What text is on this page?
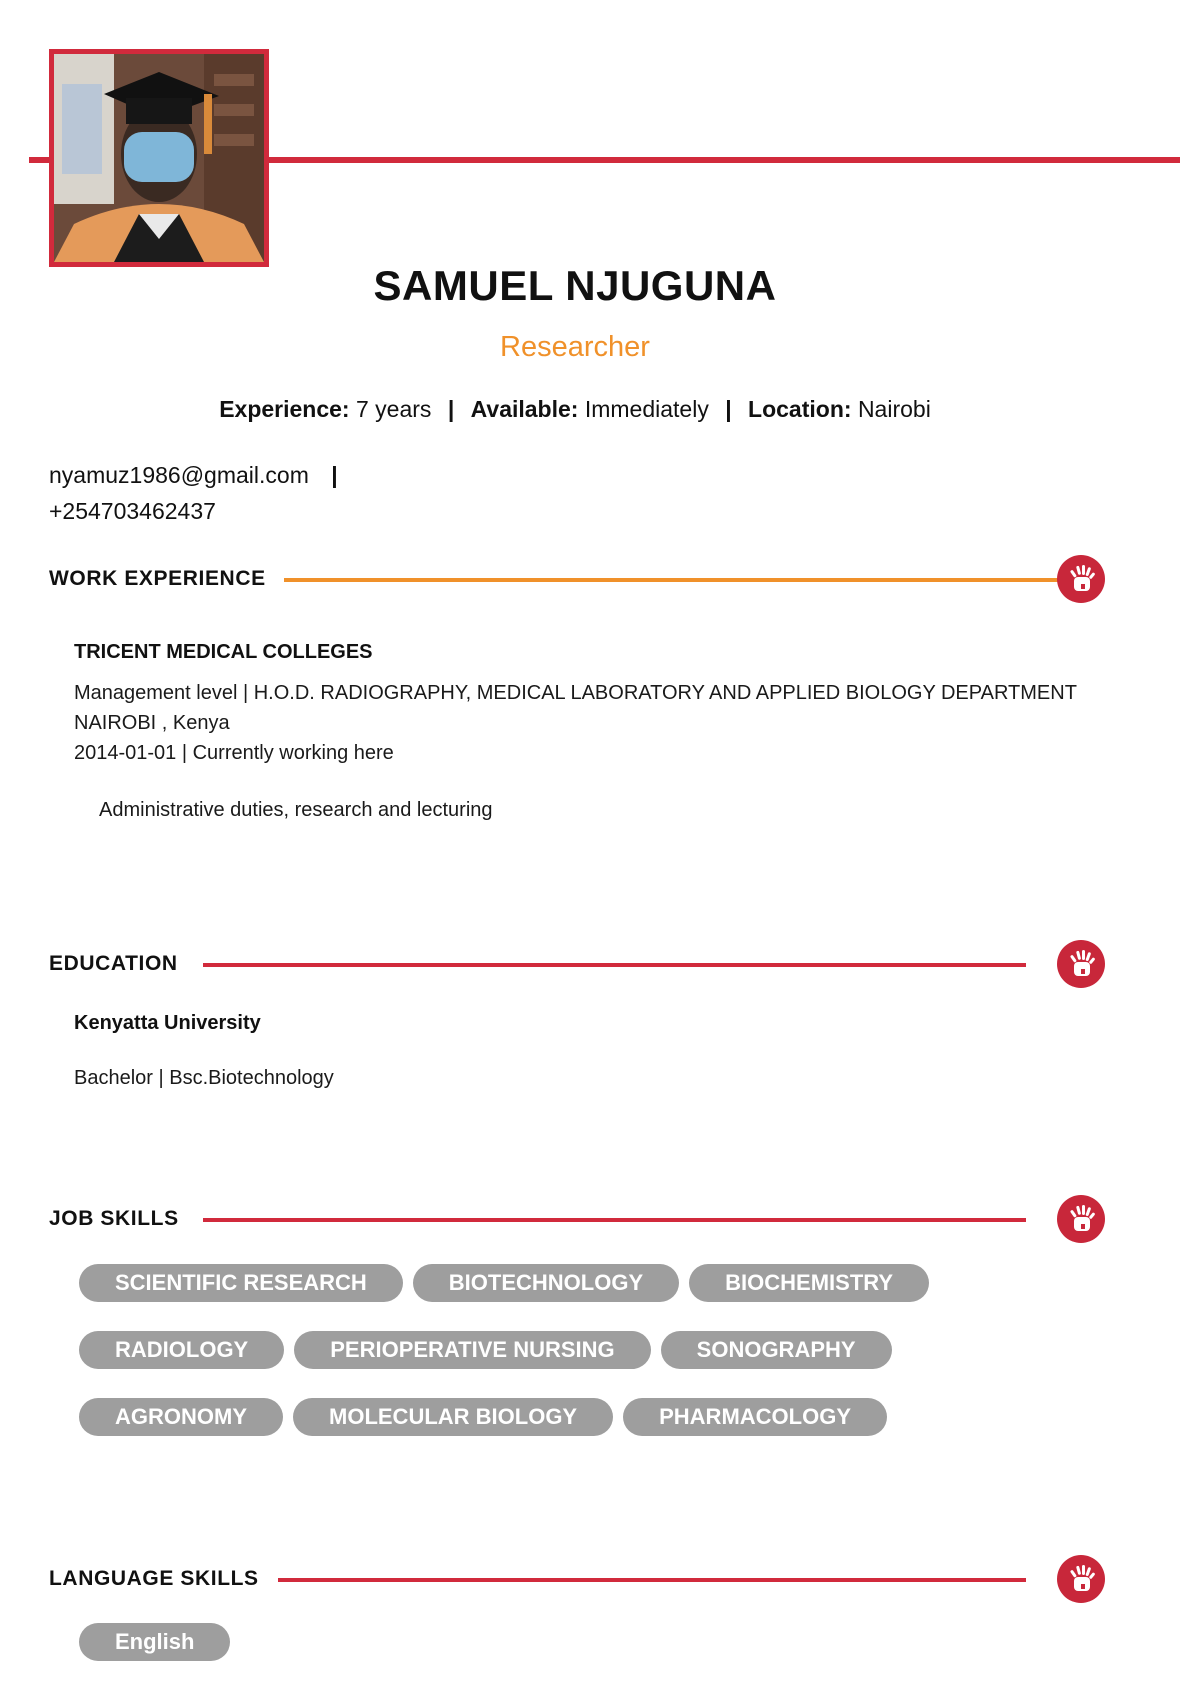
SAMUEL NJUGUNA
Researcher
Experience: 7 years | Available: Immediately | Location: Nairobi
nyamuz1986@gmail.com |
+254703462437
WORK EXPERIENCE
TRICENT MEDICAL COLLEGES
Management level | H.O.D. RADIOGRAPHY, MEDICAL LABORATORY AND APPLIED BIOLOGY DEPARTMENT
NAIROBI , Kenya
2014-01-01 | Currently working here
Administrative duties, research and lecturing
EDUCATION
Kenyatta University
Bachelor | Bsc.Biotechnology
JOB SKILLS
SCIENTIFIC RESEARCH	BIOTECHNOLOGY	BIOCHEMISTRY
RADIOLOGY	PERIOPERATIVE NURSING	SONOGRAPHY
AGRONOMY	MOLECULAR BIOLOGY	PHARMACOLOGY
LANGUAGE SKILLS
English
